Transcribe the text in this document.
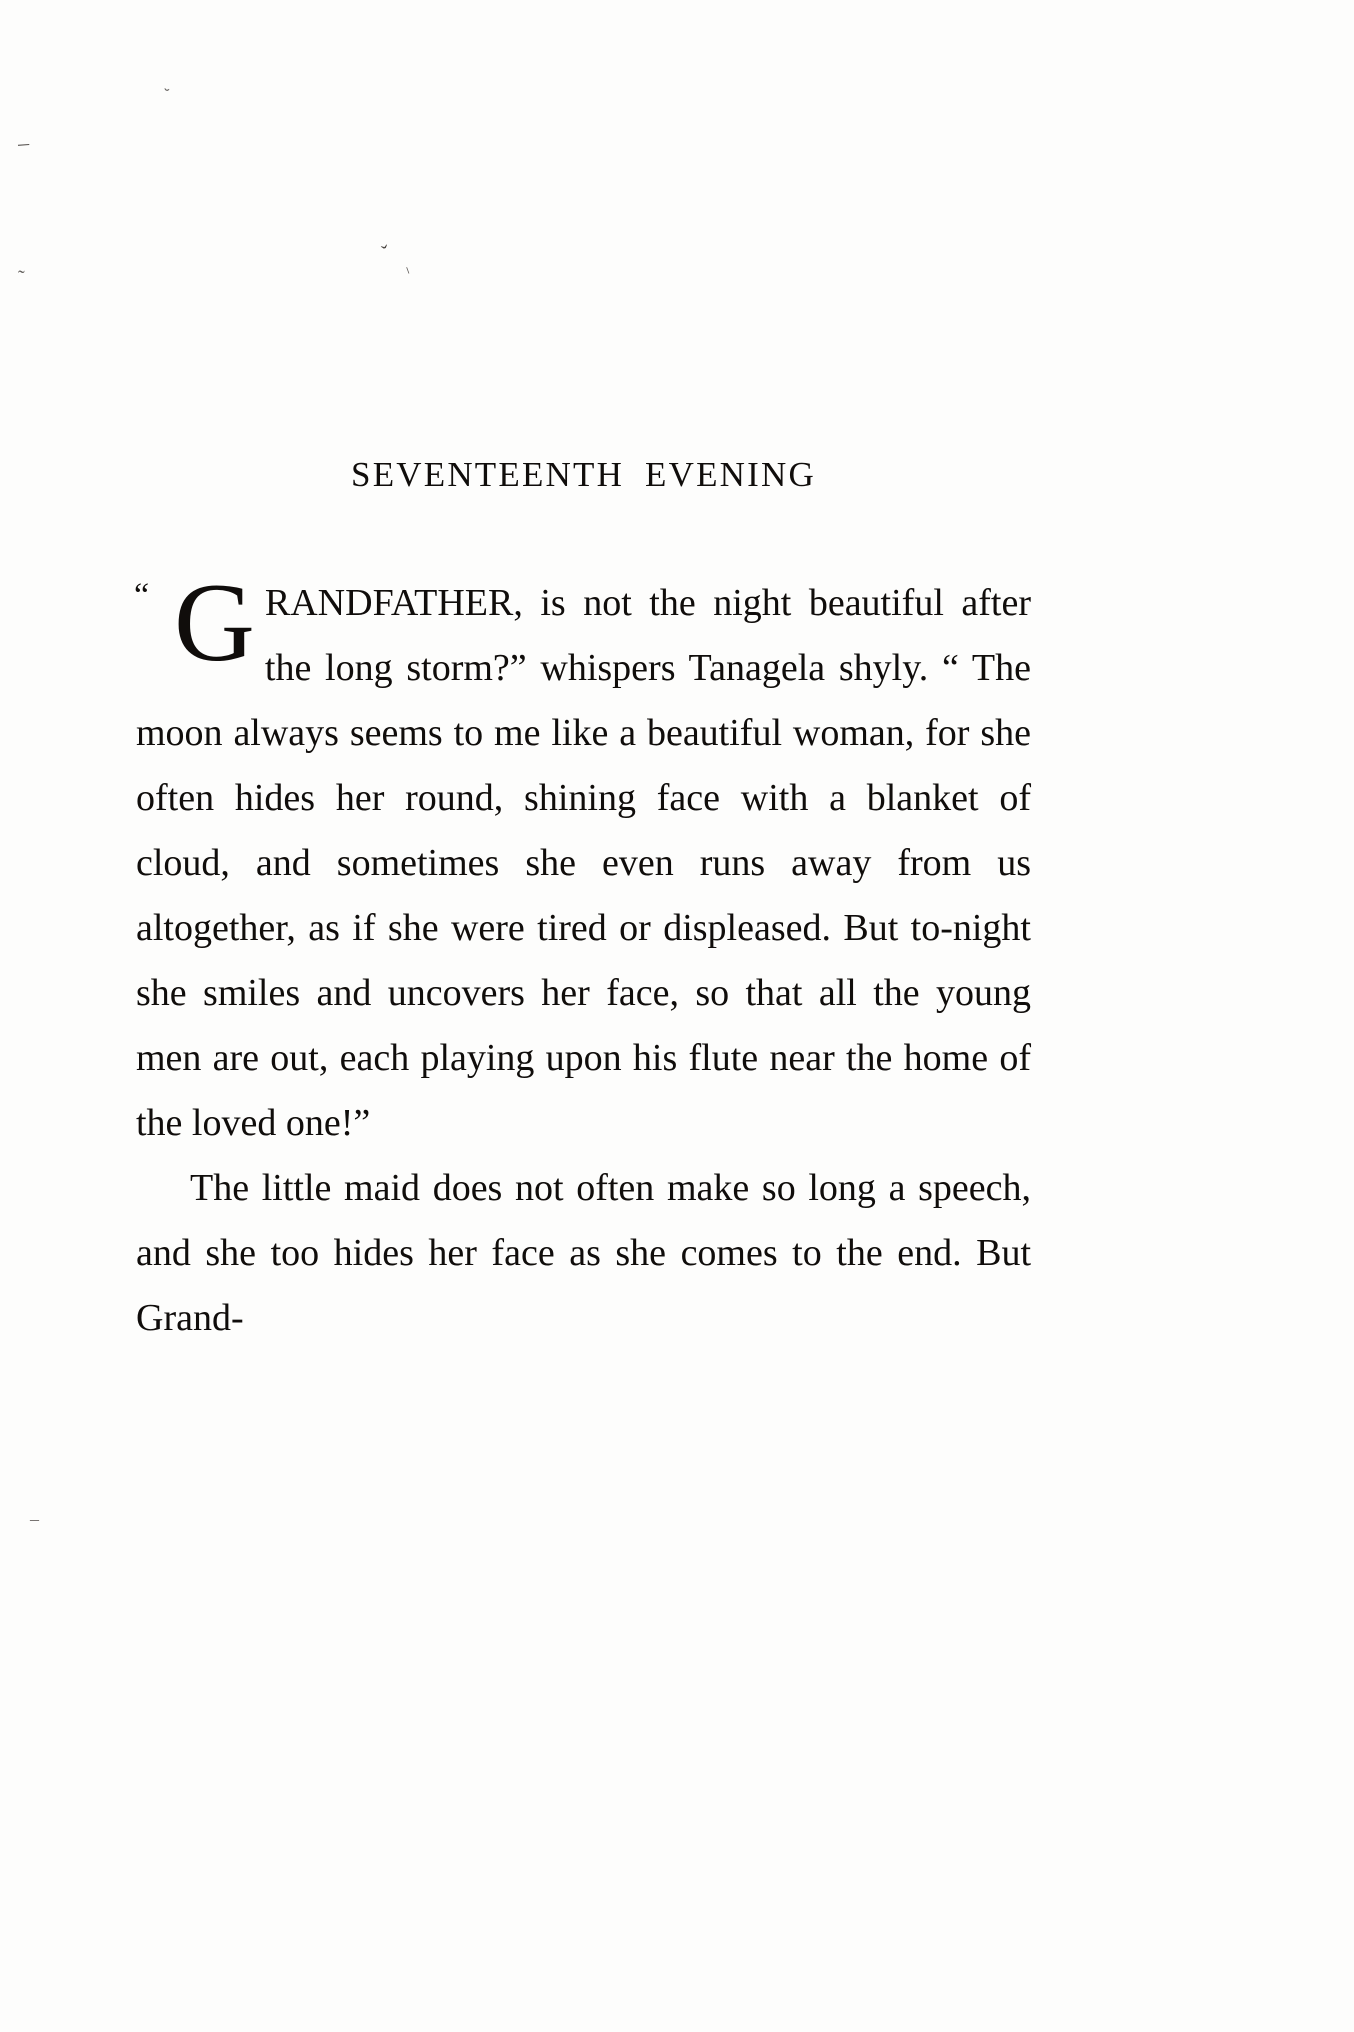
˘
–
˜
ˇ
⸜
–
SEVENTEENTH EVENING

“ G RANDFATHER, is not the night beautiful after the long storm?” whispers Tanagela shyly. “ The moon always seems to me like a beautiful woman, for she often hides her round, shining face with a blanket of cloud, and sometimes she even runs away from us altogether, as if she were tired or displeased. But to-night she smiles and uncovers her face, so that all the young men are out, each playing upon his flute near the home of the loved one!”

The little maid does not often make so long a speech, and she too hides her face as she comes to the end. But Grand-
